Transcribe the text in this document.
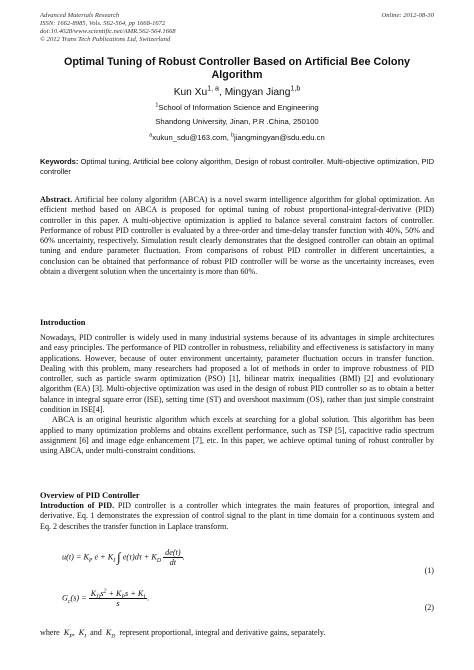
Advanced Materials Research	Online: 2012-08-30
ISSN: 1662-8985, Vols. 562-564, pp 1668-1672
doi:10.4028/www.scientific.net/AMR.562-564.1668
© 2012 Trans Tech Publications Ltd, Switzerland
Optimal Tuning of Robust Controller Based on Artificial Bee Colony
Algorithm
Kun Xu$^{1, a}$, Mingyan Jiang$^{1,b}$
$^1$School of Information Science and Engineering
Shandong University, Jinan, P.R .China, 250100
$^a$xukun_sdu@163.com, $^b$jiangmingyan@sdu.edu.cn
Keywords: Optimal tuning, Artificial bee colony algorithm, Design of robust controller. Multi-objective optimization, PID controller

Abstract. Artificial bee colony algorithm (ABCA) is a novel swarm intelligence algorithm for global optimization. An efficient method based on ABCA is proposed for optimal tuning of robust proportional-integral-derivative (PID) controller in this paper. A multi-objective optimization is applied to balance several constraint factors of controller. Performance of robust PID controller is evaluated by a three-order and time-delay transfer function with 40%, 50% and 60% uncertainty, respectively. Simulation result clearly demonstrates that the designed controller can obtain an optimal tuning and endure parameter fluctuation. From comparisons of robust PID controller in different uncertainties, a conclusion can be obtained that performance of robust PID controller will be worse as the uncertainty increases, even obtain a divergent solution when the uncertainty is more than 60%.

Introduction

Nowadays, PID controller is widely used in many industrial systems because of its advantages in simple architectures and easy principles. The performance of PID controller in robustness, reliability and effectiveness is satisfactory in many applications. However, because of outer environment uncertainty, parameter fluctuation occurs in transfer function. Dealing with this problem, many researchers had proposed a lot of methods in order to improve robustness of PID controller, such as particle swarm optimization (PSO) [1], bilinear matrix inequalities (BMI) [2] and evolutionary algorithm (EA) [3]. Multi-objective optimization was used in the design of robust PID controller so as to obtain a better balance in integral square error (ISE), setting time (ST) and overshoot maximum (OS), rather than just simple constraint condition in ISE[4].

ABCA is an original heuristic algorithm which excels at searching for a global solution. This algorithm has been applied to many optimization problems and obtains excellent performance, such as TSP [5], capacitive radio spectrum assignment [6] and image edge enhancement [7], etc. In this paper, we achieve optimal tuning of robust controller by using ABCA, under multi-constraint conditions.

Overview of PID Controller

Introduction of PID. PID controller is a controller which integrates the main features of proportion, integral and derivative. Eq. 1 demonstrates the expression of control signal to the plant in time domain for a continuous system and Eq. 2 describes the transfer function in Laplace transform.

$u(t) = K_P$ $e + K_I$ ∫ $e(\tau)d\tau + K_D \frac{de(t)}{dt}$ .
(1)
$G_c(s) = \frac{K_Ds^2 + K_Ps + K_I}{s}$ .
(2)

where  $K_P$,  $K_I$  and  $K_D$ represent proportional, integral and derivative gains, separately.
